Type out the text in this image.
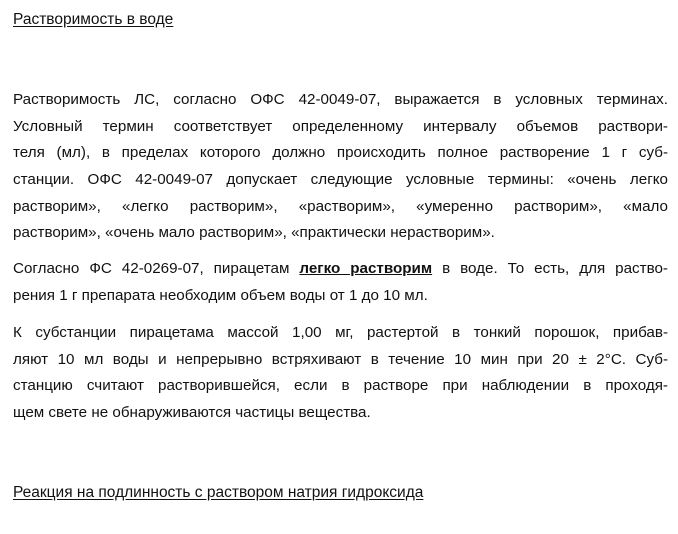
Растворимость в воде
Растворимость ЛС, согласно ОФС 42-0049-07, выражается в условных терминах.
Условный термин соответствует определенному интервалу объемов раствори-
теля (мл), в пределах которого должно происходить полное растворение 1 г суб-
станции. ОФС 42-0049-07 допускает следующие условные термины: «очень легко
растворим», «легко растворим», «растворим», «умеренно растворим», «мало
растворим», «очень мало растворим», «практически нерастворим».
Согласно ФС 42-0269-07, пирацетам легко растворим в воде. То есть, для раство-
рения 1 г препарата необходим объем воды от 1 до 10 мл.
К субстанции пирацетама массой 1,00 мг, растертой в тонкий порошок, прибав-
ляют 10 мл воды и непрерывно встряхивают в течение 10 мин при 20 ± 2°С. Суб-
станцию считают растворившейся, если в растворе при наблюдении в проходя-
щем свете не обнаруживаются частицы вещества.
Реакция на подлинность с раствором натрия гидроксида
